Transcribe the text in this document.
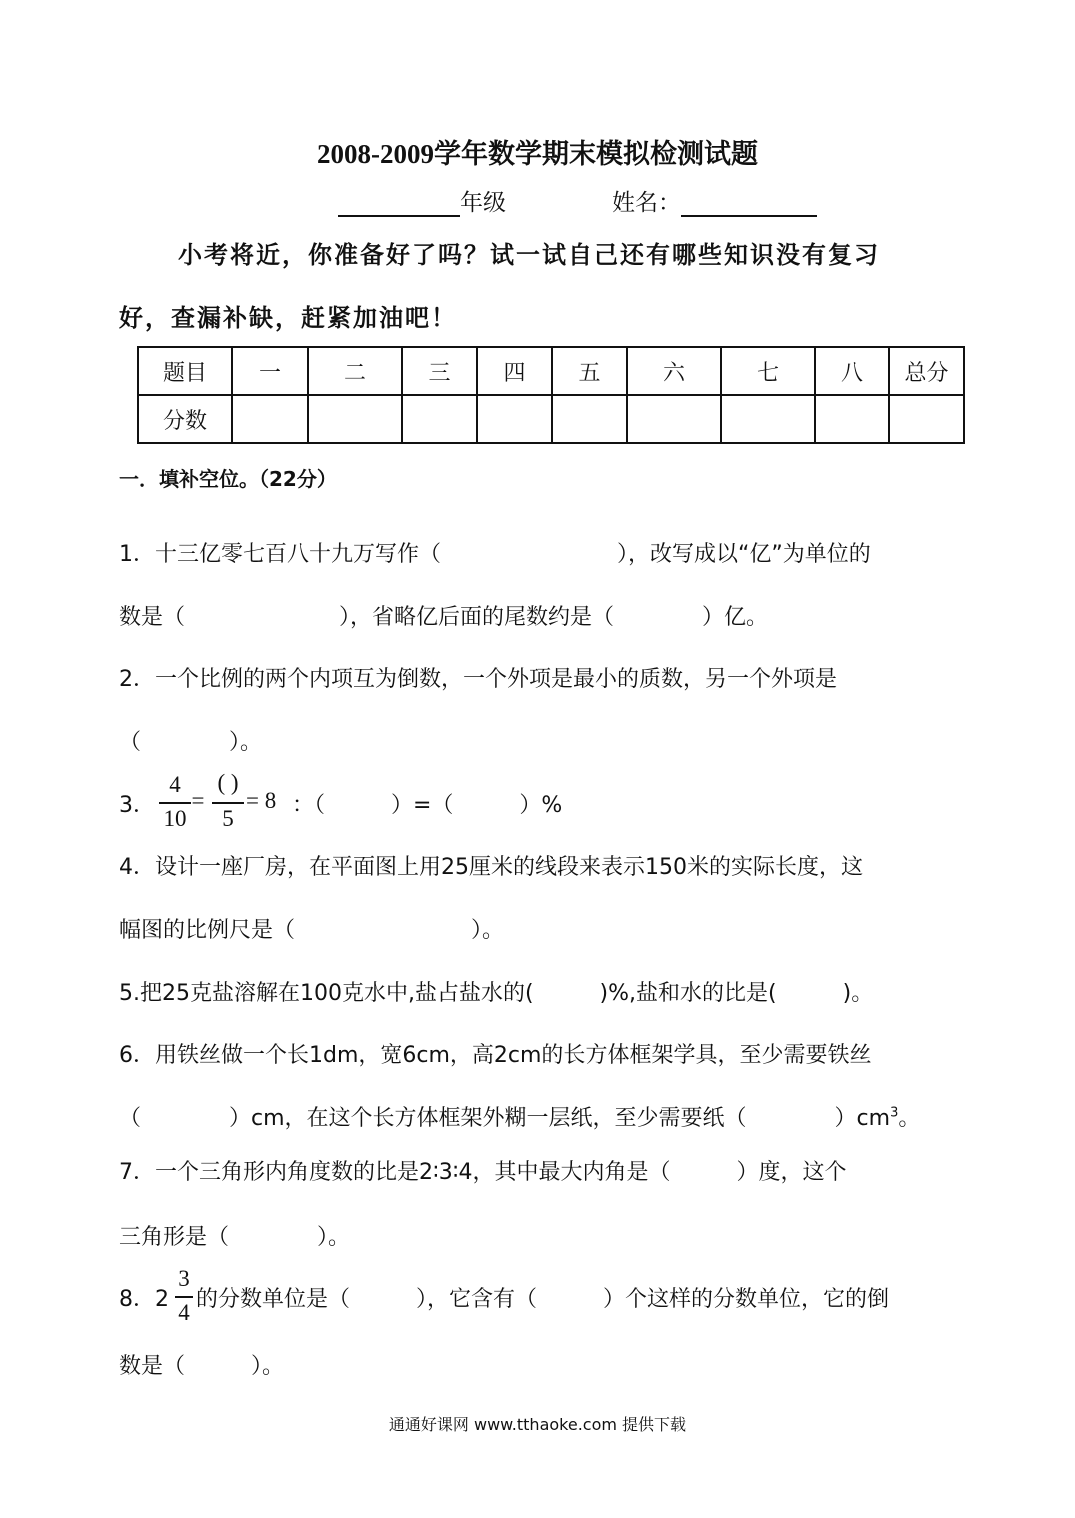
2008-2009学年数学期末模拟检测试题
年级	姓名：
小考将近，你准备好了吗？试一试自己还有哪些知识没有复习
好，查漏补缺，赶紧加油吧！
题目	一	二	三	四	五	六	七	八	总分
分数									
一．填补空位。（22分）
1．十三亿零七百八十九万写作（　　　　　　　　），改写成以“亿”为单位的
数是（　　　　　　　），省略亿后面的尾数约是（　　　　）亿。
2．一个比例的两个内项互为倒数，一个外项是最小的质数，另一个外项是
（　　　　）。
3．
4
10
=
( )
5
= 8 ：（　　　）=（　　　）%
4．设计一座厂房，在平面图上用25厘米的线段来表示150米的实际长度，这
幅图的比例尺是（　　　　　　　　）。
5.把25克盐溶解在100克水中,盐占盐水的(　　　)%,盐和水的比是(　　　)。
6．用铁丝做一个长1dm，宽6cm，高2cm的长方体框架学具，至少需要铁丝
（　　　　）cm，在这个长方体框架外糊一层纸，至少需要纸（　　　　）$cm^3$。
7．一个三角形内角度数的比是2∶3∶4，其中最大内角是（　　　）度，这个
三角形是（　　　　）。
8．2
3
4
的分数单位是（　　　），它含有（　　　）个这样的分数单位，它的倒
数是（　　　）。
通通好课网 www.tthaoke.com 提供下载
